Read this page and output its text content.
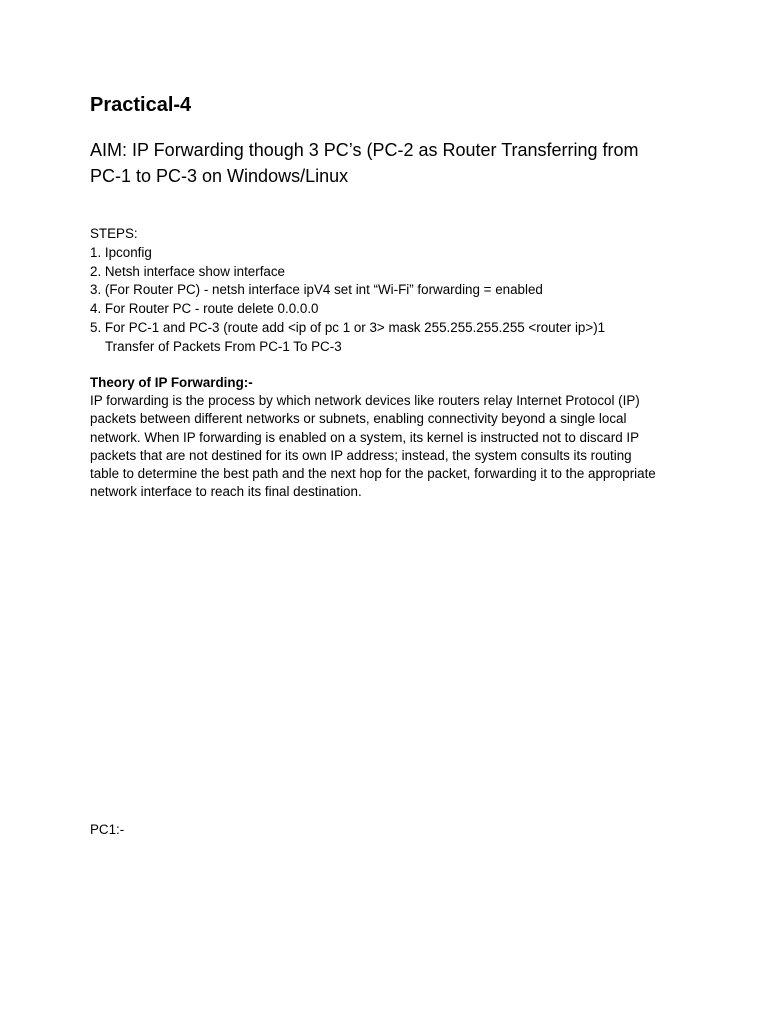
Practical-4
AIM: IP Forwarding though 3 PC’s (PC-2 as Router Transferring from
PC-1 to PC-3 on Windows/Linux
STEPS:
1. Ipconfig
2. Netsh interface show interface
3. (For Router PC) - netsh interface ipV4 set int “Wi-Fi” forwarding = enabled
4. For Router PC - route delete 0.0.0.0
5. For PC-1 and PC-3 (route add <ip of pc 1 or 3> mask 255.255.255.255 <router ip>)1
Transfer of Packets From PC-1 To PC-3
Theory of IP Forwarding:-
IP forwarding is the process by which network devices like routers relay Internet Protocol (IP)
packets between different networks or subnets, enabling connectivity beyond a single local
network. When IP forwarding is enabled on a system, its kernel is instructed not to discard IP
packets that are not destined for its own IP address; instead, the system consults its routing
table to determine the best path and the next hop for the packet, forwarding it to the appropriate
network interface to reach its final destination.
PC1:-
